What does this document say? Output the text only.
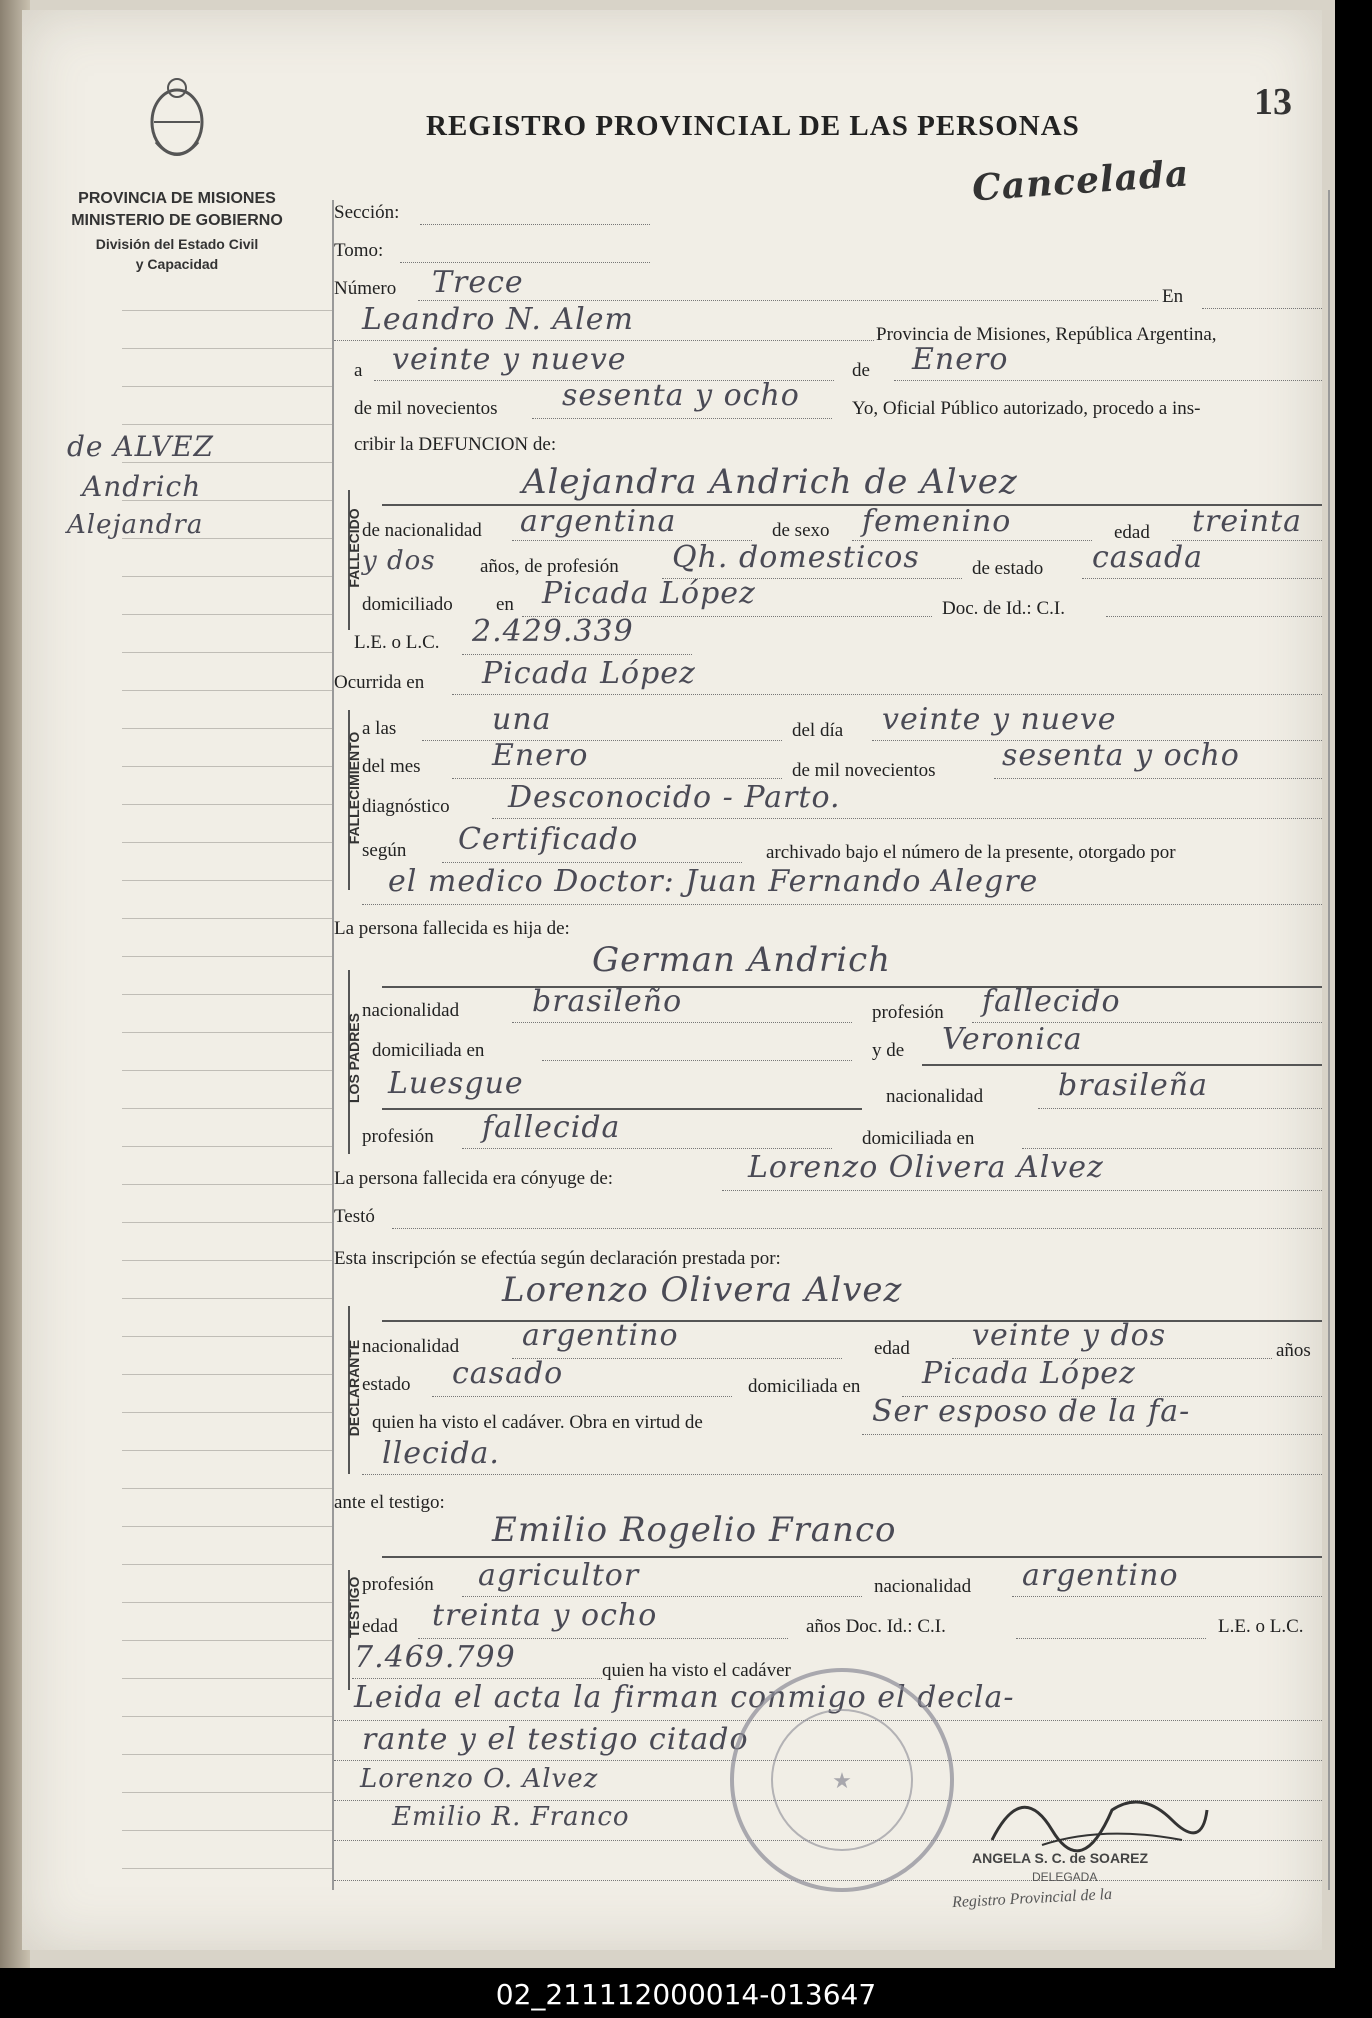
PROVINCIA DE MISIONES
MINISTERIO DE GOBIERNO
División del Estado Civil
y Capacidad
de ALVEZ
Andrich
Alejandra
REGISTRO PROVINCIAL DE LAS PERSONAS
13
Cancelada
Sección:
Tomo:
Número Trece	En
Leandro N. Alem	Provincia de Misiones, República Argentina,
a veinte y nueve	de Enero
de mil novecientos sesenta y ocho	Yo, Oficial Público autorizado, procedo a ins-
cribir la DEFUNCION de:
FALLECIDO
Alejandra Andrich de Alvez
de nacionalidad argentina	de sexo femenino	edad treinta
y dos años, de profesión Qh. domesticos	de estado casada
domiciliado en Picada López	Doc. de Id.: C.I.
L.E. o L.C. 2.429.339
Ocurrida en Picada López
FALLECIMIENTO
a las	una	del día veinte y nueve
del mes Enero	de mil novecientos sesenta y ocho
diagnóstico Desconocido - Parto.
según Certificado	archivado bajo el número de la presente, otorgado por
el medico Doctor: Juan Fernando Alegre
La persona fallecida es hija de:
LOS PADRES
German Andrich
nacionalidad brasileño	profesión fallecido
domiciliada en	y de Veronica
Luesgue	nacionalidad brasileña
profesión fallecida	domiciliada en
La persona fallecida era cónyuge de:	Lorenzo Olivera Alvez
Testó
Esta inscripción se efectúa según declaración prestada por:
DECLARANTE
Lorenzo Olivera Alvez
nacionalidad argentino	edad veinte y dos	años
estado casado	domiciliada en Picada López
quien ha visto el cadáver. Obra en virtud de	Ser esposo de la fa-
llecida.
ante el testigo:
TESTIGO
Emilio Rogelio Franco
profesión agricultor	nacionalidad argentino
edad treinta y ocho	años Doc. Id.: C.I.	L.E. o L.C.
7.469.799	quien ha visto el cadáver
Leida el acta la firman conmigo el decla-
rante y el testigo citado
Lorenzo O. Alvez
Emilio R. Franco
★
ANGELA S. C. de SOAREZ
DELEGADA
Registro Provincial de la
02_211112000014-013647
